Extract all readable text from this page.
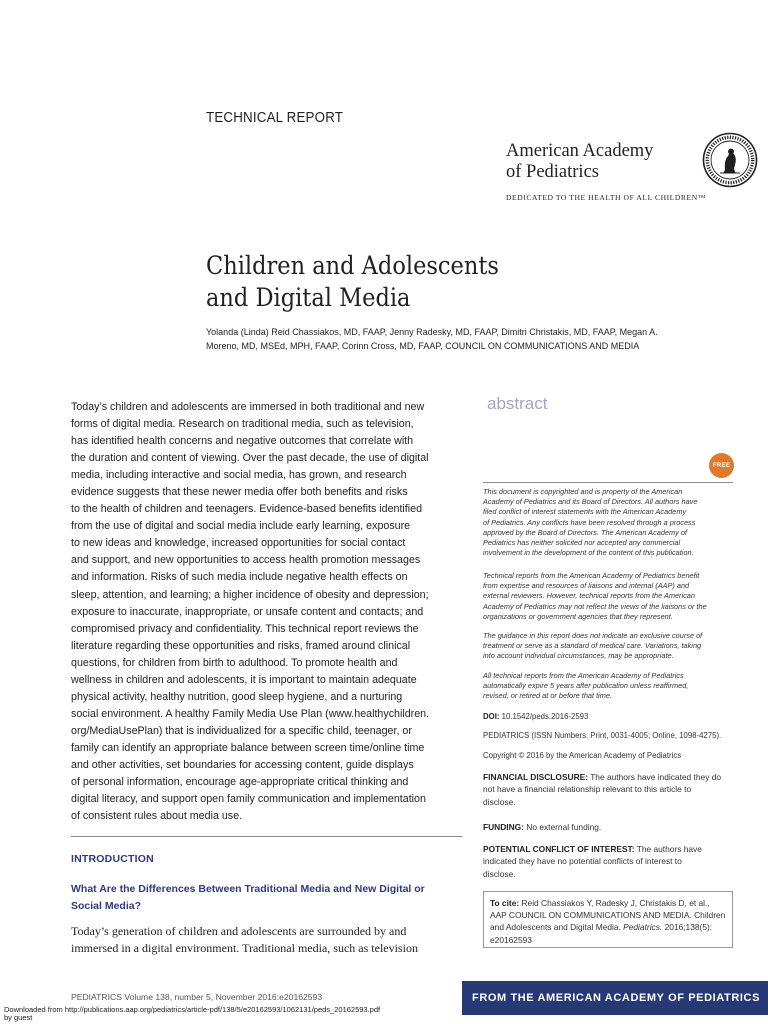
TECHNICAL REPORT
American Academy
of Pediatrics
DEDICATED TO THE HEALTH OF ALL CHILDREN™
Children and Adolescents
and Digital Media
Yolanda (Linda) Reid Chassiakos, MD, FAAP, Jenny Radesky, MD, FAAP, Dimitri Christakis, MD, FAAP, Megan A.
Moreno, MD, MSEd, MPH, FAAP, Corinn Cross, MD, FAAP, COUNCIL ON COMMUNICATIONS AND MEDIA
Today’s children and adolescents are immersed in both traditional and new
forms of digital media. Research on traditional media, such as television,
has identified health concerns and negative outcomes that correlate with
the duration and content of viewing. Over the past decade, the use of digital
media, including interactive and social media, has grown, and research
evidence suggests that these newer media offer both benefits and risks
to the health of children and teenagers. Evidence-based benefits identified
from the use of digital and social media include early learning, exposure
to new ideas and knowledge, increased opportunities for social contact
and support, and new opportunities to access health promotion messages
and information. Risks of such media include negative health effects on
sleep, attention, and learning; a higher incidence of obesity and depression;
exposure to inaccurate, inappropriate, or unsafe content and contacts; and
compromised privacy and confidentiality. This technical report reviews the
literature regarding these opportunities and risks, framed around clinical
questions, for children from birth to adulthood. To promote health and
wellness in children and adolescents, it is important to maintain adequate
physical activity, healthy nutrition, good sleep hygiene, and a nurturing
social environment. A healthy Family Media Use Plan (www.healthychildren.
org/MediaUsePlan) that is individualized for a specific child, teenager, or
family can identify an appropriate balance between screen time/online time
and other activities, set boundaries for accessing content, guide displays
of personal information, encourage age-appropriate critical thinking and
digital literacy, and support open family communication and implementation
of consistent rules about media use.
abstract
FREE
This document is copyrighted and is property of the American
Academy of Pediatrics and its Board of Directors. All authors have
filed conflict of interest statements with the American Academy
of Pediatrics. Any conflicts have been resolved through a process
approved by the Board of Directors. The American Academy of
Pediatrics has neither solicited nor accepted any commercial
involvement in the development of the content of this publication.
Technical reports from the American Academy of Pediatrics benefit
from expertise and resources of liaisons and internal (AAP) and
external reviewers. However, technical reports from the American
Academy of Pediatrics may not reflect the views of the liaisons or the
organizations or government agencies that they represent.
The guidance in this report does not indicate an exclusive course of
treatment or serve as a standard of medical care. Variations, taking
into account individual circumstances, may be appropriate.
All technical reports from the American Academy of Pediatrics
automatically expire 5 years after publication unless reaffirmed,
revised, or retired at or before that time.
DOI: 10.1542/peds.2016-2593
PEDIATRICS (ISSN Numbers: Print, 0031-4005; Online, 1098-4275).
Copyright © 2016 by the American Academy of Pediatrics
FINANCIAL DISCLOSURE: The authors have indicated they do
not have a financial relationship relevant to this article to
disclose.
FUNDING: No external funding.
POTENTIAL CONFLICT OF INTEREST: The authors have
indicated they have no potential conflicts of interest to
disclose.
To cite: Reid Chassiakos Y, Radesky J, Christakis D, et al.,
AAP COUNCIL ON COMMUNICATIONS AND MEDIA. Children
and Adolescents and Digital Media. Pediatrics. 2016;138(5):
e20162593
INTRODUCTION
What Are the Differences Between Traditional Media and New Digital or
Social Media?
Today’s generation of children and adolescents are surrounded by and
immersed in a digital environment. Traditional media, such as television
PEDIATRICS Volume 138, number 5, November 2016:e20162593	FROM THE AMERICAN ACADEMY OF PEDIATRICS
Downloaded from http://publications.aap.org/pediatrics/article-pdf/138/5/e20162593/1062131/peds_20162593.pdf
by guest
